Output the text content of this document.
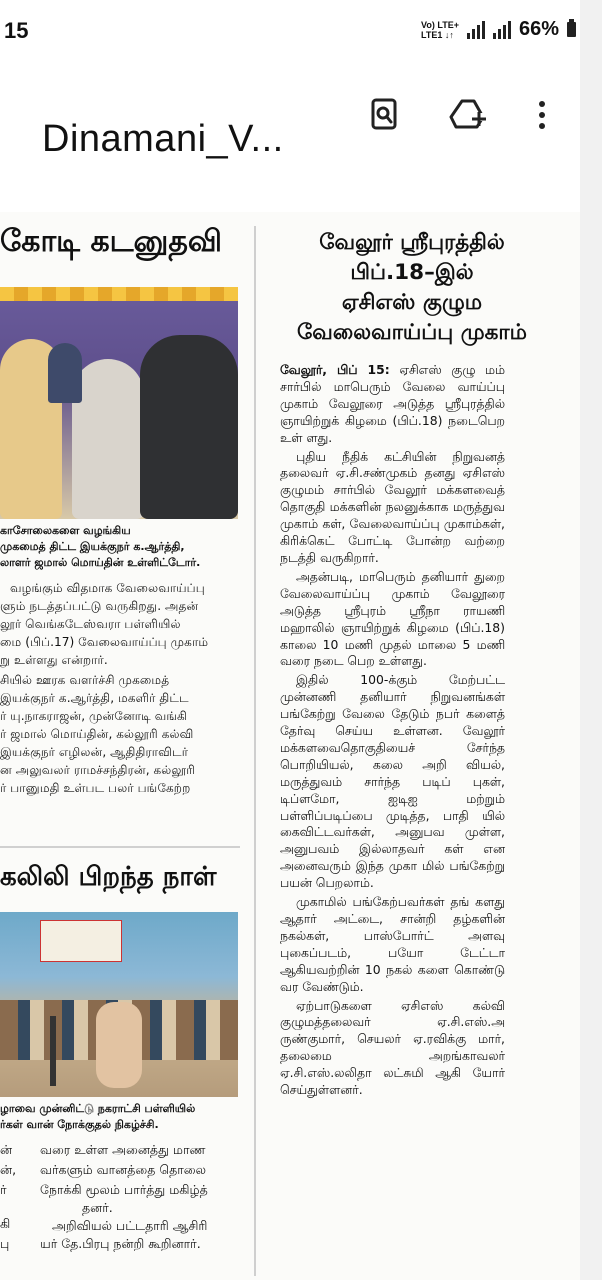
15	Vo) LTE+
LTE1 ↓↑	66%
Dinamani_V...
கோடி கடனுதவி
காசோலைகளை வழங்கிய
முகமைத் திட்ட இயக்குநர் க.ஆர்த்தி,
லாளர் ஜமால் மொய்தின் உள்ளிட்டோர்.
வழங்கும் விதமாக வேலைவாய்ப்பு
ளும் நடத்தப்பட்டு வருகிறது. அதன்
லூர் வெங்கடேஸ்வரா பள்ளியில்
மை (பிப்.17) வேலைவாய்ப்பு முகாம்
று உள்ளது என்றார்.
சியில் ஊரக வளர்ச்சி முகமைத்
இயக்குநர் க.ஆர்த்தி, மகளிர் திட்ட
ர் யு.நாகராஜன், முன்னோடி வங்கி
ர் ஜமால் மொய்தின், கல்லூரி கல்வி
இயக்குநர் எழிலன், ஆதிதிராவிடர்
ன அலுவலர் ராமச்சந்திரன், கல்லூரி
ர் பானுமதி உள்பட பலர் பங்கேற்ற
கலிலி பிறந்த நாள்
ழாவை முன்னிட்டு நகராட்சி பள்ளியில்
ர்கள் வான் நோக்குதல் நிகழ்ச்சி.
ன்
ன்,
ர்
கி
பு
வரை உள்ள அனைத்து மாண
வர்களும் வானத்தை தொலை
நோக்கி மூலம் பார்த்து மகிழ்த்
தனர்.
அறிவியல் பட்டதாரி ஆசிரி
யர் தே.பிரபு நன்றி கூறினார்.
வேலூர் ஸ்ரீபுரத்தில்
பிப்.18–இல்
ஏசிஎஸ் குழும
வேலைவாய்ப்பு முகாம்

வேலூர், பிப் 15: ஏசிஎஸ் குழு மம் சார்பில் மாபெரும் வேலை வாய்ப்பு முகாம் வேலூரை அடுத்த ஸ்ரீபுரத்தில் ஞாயிற்றுக் கிழமை (பிப்.18) நடைபெற உள் ளது.

புதிய நீதிக் கட்சியின் நிறுவனத் தலைவர் ஏ.சி.சண்முகம் தனது ஏசிஎஸ் குழுமம் சார்பில் வேலூர் மக்களவைத் தொகுதி மக்களின் நலனுக்காக மருத்துவ முகாம் கள், வேலைவாய்ப்பு முகாம்கள், கிரிக்கெட் போட்டி போன்ற வற்றை நடத்தி வருகிறார்.

அதன்படி, மாபெரும் தனியார் துறை வேலைவாய்ப்பு முகாம் வேலூரை அடுத்த ஸ்ரீபுரம் ஸ்ரீநா ராயணி மஹாலில் ஞாயிற்றுக் கிழமை (பிப்.18) காலை 10 மணி முதல் மாலை 5 மணி வரை நடை பெற உள்ளது.

இதில் 100-க்கும் மேற்பட்ட முன்னணி தனியார் நிறுவனங்கள் பங்கேற்று வேலை தேடும் நபர் களைத் தேர்வு செய்ய உள்ளன. வேலூர் மக்களவைதொகுதியைச் சேர்ந்த பொறியியல், கலை அறி வியல், மருத்துவம் சார்ந்த படிப் புகள், டிப்ளமோ, ஐடிஐ மற்றும் பள்ளிப்படிப்பை முடித்த, பாதி யில் கைவிட்டவர்கள், அனுபவ முள்ள, அனுபவம் இல்லாதவர் கள் என அனைவரும் இந்த முகா மில் பங்கேற்று பயன் பெறலாம்.

முகாமில் பங்கேற்பவர்கள் தங் களது ஆதார் அட்டை, சான்றி தழ்களின் நகல்கள், பாஸ்போர்ட் அளவு புகைப்படம், பயோ டேட்டா ஆகியவற்றின் 10 நகல் களை கொண்டு வர வேண்டும்.

ஏற்பாடுகளை ஏசிஎஸ் கல்வி குழுமத்தலைவர் ஏ.சி.எஸ்.அ ருண்குமார், செயலர் ஏ.ரவிக்கு மார், தலைமை அறங்காவலர் ஏ.சி.எஸ்.லலிதா லட்சுமி ஆகி யோர் செய்துள்ளனர்.
